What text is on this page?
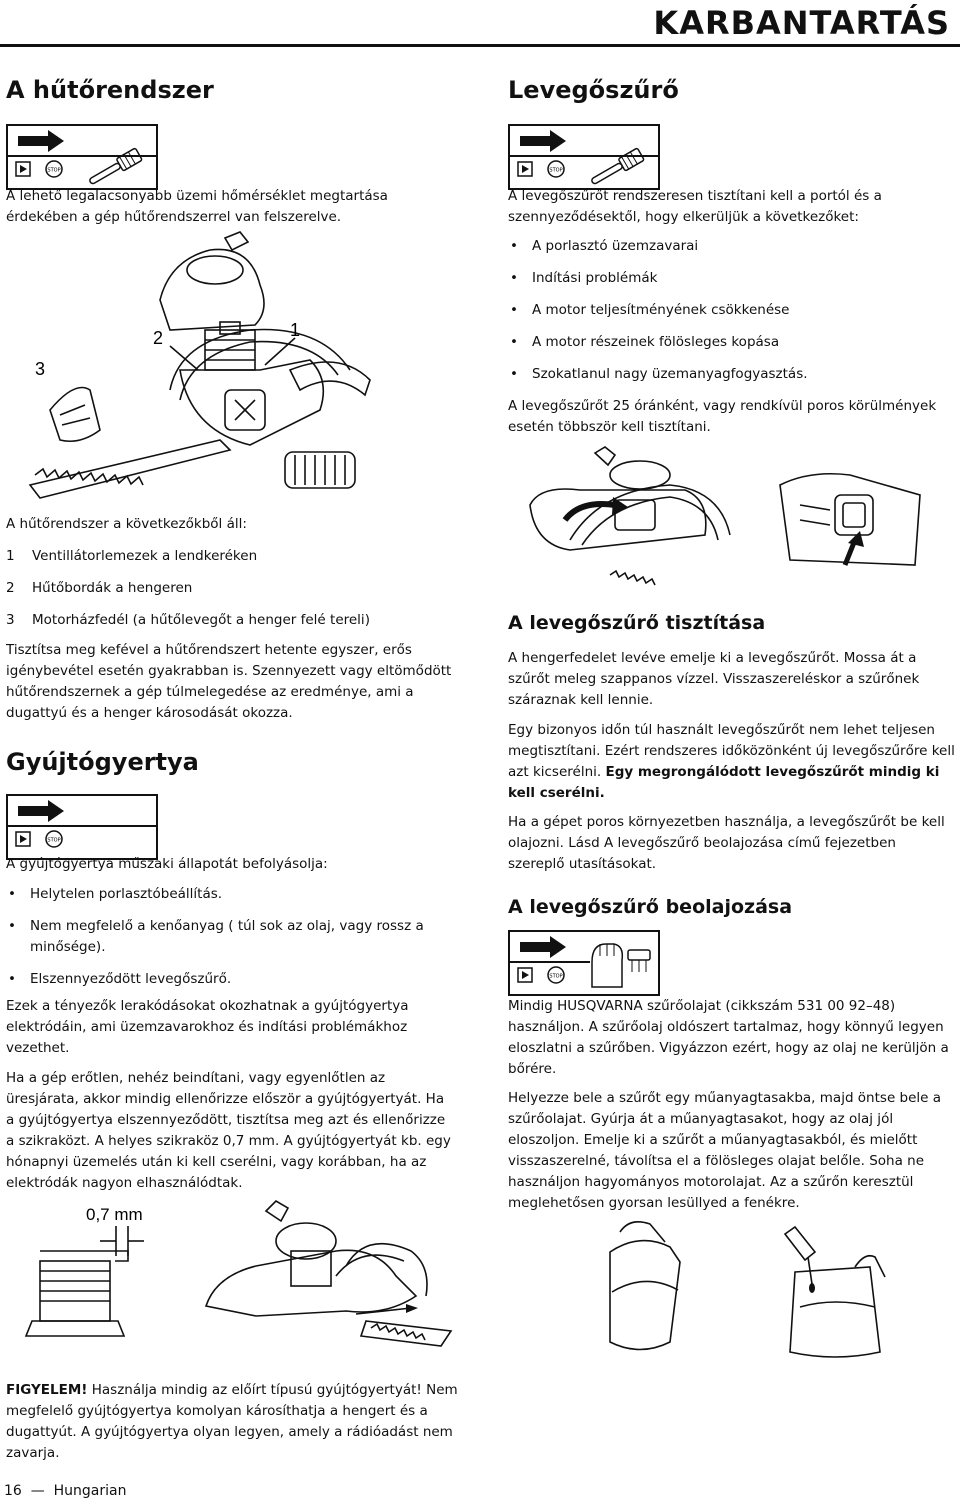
KARBANTARTÁS
A hűtőrendszer
STOP

A lehető legalacsonyabb üzemi hőmérséklet megtartása érdekében a gép hűtőrendszerrel van felszerelve.

3
2	1

A hűtőrendszer a következőkből áll:

1	Ventillátorlemezek a lendkeréken
2	Hűtőbordák a hengeren
3	Motorházfedél (a hűtőlevegőt a henger felé tereli)

Tisztítsa meg kefével a hűtőrendszert hetente egyszer, erős igénybevétel esetén gyakrabban is. Szennyezett vagy eltömődött hűtőrendszernek a gép túlmelegedése az eredménye, ami a dugattyú és a henger károsodását okozza.

Gyújtógyertya
STOP

A gyújtógyertya műszaki állapotát befolyásolja:

• Helytelen porlasztóbeállítás.
• Nem megfelelő a kenőanyag ( túl sok az olaj, vagy rossz a minősége).
• Elszennyeződött levegőszűrő.

Ezek a tényezők lerakódásokat okozhatnak a gyújtógyertya elektródáin, ami üzemzavarokhoz és indítási problémákhoz vezethet.

Ha a gép erőtlen, nehéz beindítani, vagy egyenlőtlen az üresjárata, akkor mindig ellenőrizze először a gyújtógyertyát. Ha a gyújtógyertya elszennyeződött, tisztítsa meg azt és ellenőrizze a szikraközt. A helyes szikraköz 0,7 mm. A gyújtógyertyát kb. egy hónapnyi üzemelés után ki kell cserélni, vagy korábban, ha az elektródák nagyon elhasználódtak.

0,7 mm

FIGYELEM! Használja mindig az előírt típusú gyújtógyertyát! Nem megfelelő gyújtógyertya komolyan károsíthatja a hengert és a dugattyút. A gyújtógyertya olyan legyen, amely a rádióadást nem zavarja.

Levegőszűrő
STOP

A levegőszűrőt rendszeresen tisztítani kell a portól és a szennyeződésektől, hogy elkerüljük a következőket:

• A porlasztó üzemzavarai
• Indítási problémák
• A motor teljesítményének csökkenése
• A motor részeinek fölösleges kopása
• Szokatlanul nagy üzemanyagfogyasztás.

A levegőszűrőt 25 óránként, vagy rendkívül poros körülmények esetén többször kell tisztítani.

A levegőszűrő tisztítása

A hengerfedelet levéve emelje ki a levegőszűrőt. Mossa át a szűrőt meleg szappanos vízzel. Visszaszereléskor a szűrőnek száraznak kell lennie.

Egy bizonyos időn túl használt levegőszűrőt nem lehet teljesen megtisztítani. Ezért rendszeres időközönként új levegőszűrőre kell azt kicserélni. Egy megrongálódott levegőszűrőt mindig ki kell cserélni.

Ha a gépet poros környezetben használja, a levegőszűrőt be kell olajozni. Lásd A levegőszűrő beolajozása című fejezetben szereplő utasításokat.

A levegőszűrő beolajozása
STOP

Mindig HUSQVARNA szűrőolajat (cikkszám 531 00 92–48) használjon. A szűrőolaj oldószert tartalmaz, hogy könnyű legyen eloszlatni a szűrőben. Vigyázzon ezért, hogy az olaj ne kerüljön a bőrére.

Helyezze bele a szűrőt egy műanyagtasakba, majd öntse bele a szűrőolajat. Gyúrja át a műanyagtasakot, hogy az olaj jól eloszoljon. Emelje ki a szűrőt a műanyagtasakból, és mielőtt visszaszerelné, távolítsa el a fölösleges olajat belőle. Soha ne használjon hagyományos motorolajat. Az a szűrőn keresztül meglehetősen gyorsan lesüllyed a fenékre.

16  —  Hungarian
